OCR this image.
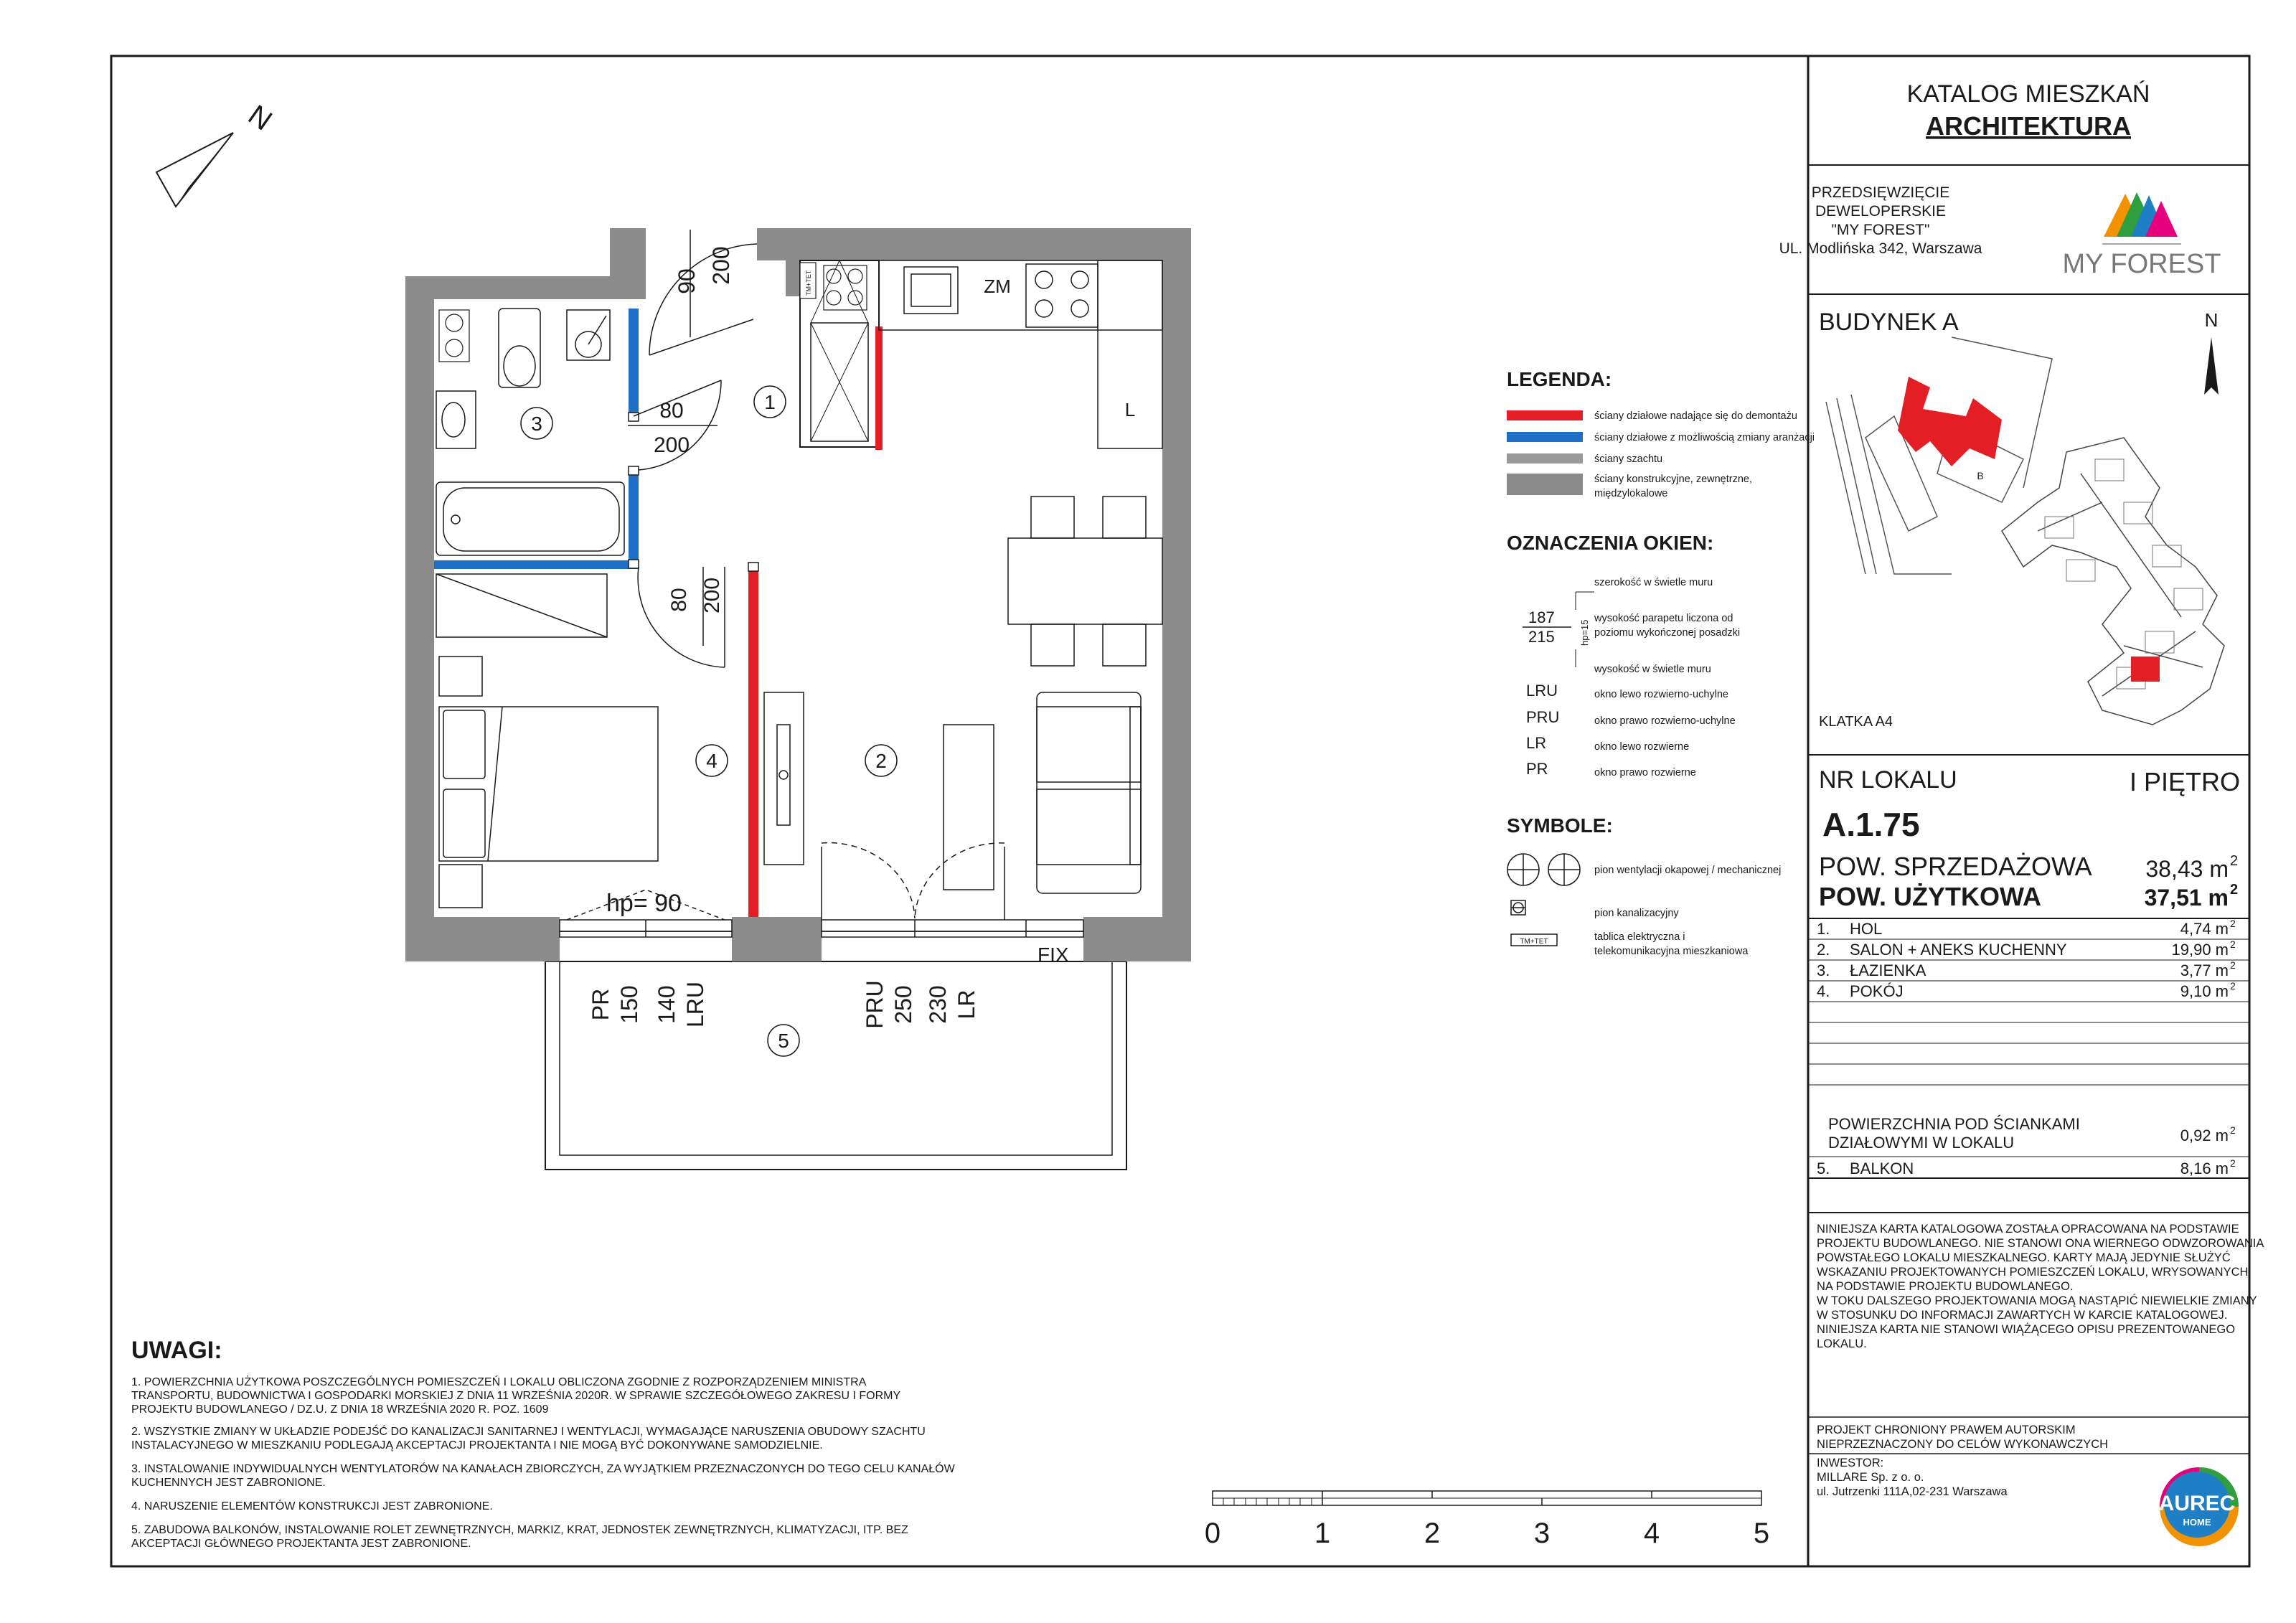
KATALOG MIESZKAŃ
ARCHITEKTURA
PRZEDSIĘWZIĘCIE
DEWELOPERSKIE
"MY FOREST"
UL. Modlińska 342, Warszawa
MY FOREST
BUDYNEK A	N
B
KLATKA A4
NR LOKALU	I PIĘTRO
A.1.75
POW. SPRZEDAŻOWA 38,43 m 2
POW. UŻYTKOWA	37,51 m 2
1. HOL	4,74 m 2
2. SALON + ANEKS KUCHENNY	19,90 m 2
3. ŁAZIENKA	3,77 m 2
4. POKÓJ	9,10 m 2
POWIERZCHNIA POD ŚCIANKAMI
DZIAŁOWYMI W LOKALU	0,92 m 2
5. BALKON	8,16 m 2
NINIEJSZA KARTA KATALOGOWA ZOSTAŁA OPRACOWANA NA PODSTAWIE
PROJEKTU BUDOWLANEGO. NIE STANOWI ONA WIERNEGO ODWZOROWANIA
POWSTAŁEGO LOKALU MIESZKALNEGO. KARTY MAJĄ JEDYNIE SŁUŻYĆ
WSKAZANIU PROJEKTOWANYCH POMIESZCZEŃ LOKALU, WRYSOWANYCH
NA PODSTAWIE PROJEKTU BUDOWLANEGO.
W TOKU DALSZEGO PROJEKTOWANIA MOGĄ NASTĄPIĆ NIEWIELKIE ZMIANY
W STOSUNKU DO INFORMACJI ZAWARTYCH W KARCIE KATALOGOWEJ.
NINIEJSZA KARTA NIE STANOWI WIĄŻĄCEGO OPISU PREZENTOWANEGO
LOKALU.
PROJEKT CHRONIONY PRAWEM AUTORSKIM
NIEPRZEZNACZONY DO CELÓW WYKONAWCZYCH
INWESTOR:
MILLARE Sp. z o. o.
ul. Jutrzenki 111A,02-231 Warszawa	AUREC
HOME
LEGENDA:
ściany działowe nadające się do demontażu
ściany działowe z możliwością zmiany aranżacji
ściany szachtu
ściany konstrukcyjne, zewnętrzne,
międzylokalowe
OZNACZENIA OKIEN:
szerokość w świetle muru
187
215	hp=15
wysokość parapetu liczona od
poziomu wykończonej posadzki
wysokość w świetle muru
LRU	okno lewo rozwierno-uchylne
PRU	okno prawo rozwierno-uchylne
LR	okno lewo rozwierne
PR	okno prawo rozwierne
SYMBOLE:
pion wentylacji okapowej / mechanicznej
pion kanalizacyjny
TM+TET	tablica elektryczna i
telekomunikacyjna mieszkaniowa
UWAGI:
1. POWIERZCHNIA UŻYTKOWA POSZCZEGÓLNYCH POMIESZCZEŃ I LOKALU OBLICZONA ZGODNIE Z ROZPORZĄDZENIEM MINISTRA
TRANSPORTU, BUDOWNICTWA I GOSPODARKI MORSKIEJ Z DNIA 11 WRZEŚNIA 2020R. W SPRAWIE SZCZEGÓŁOWEGO ZAKRESU I FORMY
PROJEKTU BUDOWLANEGO / DZ.U. Z DNIA 18 WRZEŚNIA 2020 R. POZ. 1609
2. WSZYSTKIE ZMIANY W UKŁADZIE PODEJŚĆ DO KANALIZACJI SANITARNEJ I WENTYLACJI, WYMAGAJĄCE NARUSZENIA OBUDOWY SZACHTU
INSTALACYJNEGO W MIESZKANIU PODLEGAJĄ AKCEPTACJI PROJEKTANTA I NIE MOGĄ BYĆ DOKONYWANE SAMODZIELNIE.
3. INSTALOWANIE INDYWIDUALNYCH WENTYLATORÓW NA KANAŁACH ZBIORCZYCH, ZA WYJĄTKIEM PRZEZNACZONYCH DO TEGO CELU KANAŁÓW
KUCHENNYCH JEST ZABRONIONE.
4. NARUSZENIE ELEMENTÓW KONSTRUKCJI JEST ZABRONIONE.
5. ZABUDOWA BALKONÓW, INSTALOWANIE ROLET ZEWNĘTRZNYCH, MARKIZ, KRAT, JEDNOSTEK ZEWNĘTRZNYCH, KLIMATYZACJI, ITP. BEZ
AKCEPTACJI GŁÓWNEGO PROJEKTANTA JEST ZABRONIONE.	0	1	2	3	4	5
N
TM+TET
90 200
80
200
80 200
ZM
L
hp= 90
FIX
PR 150 140 LRU	PRU 250 230 LR
1
2
3
4
5
